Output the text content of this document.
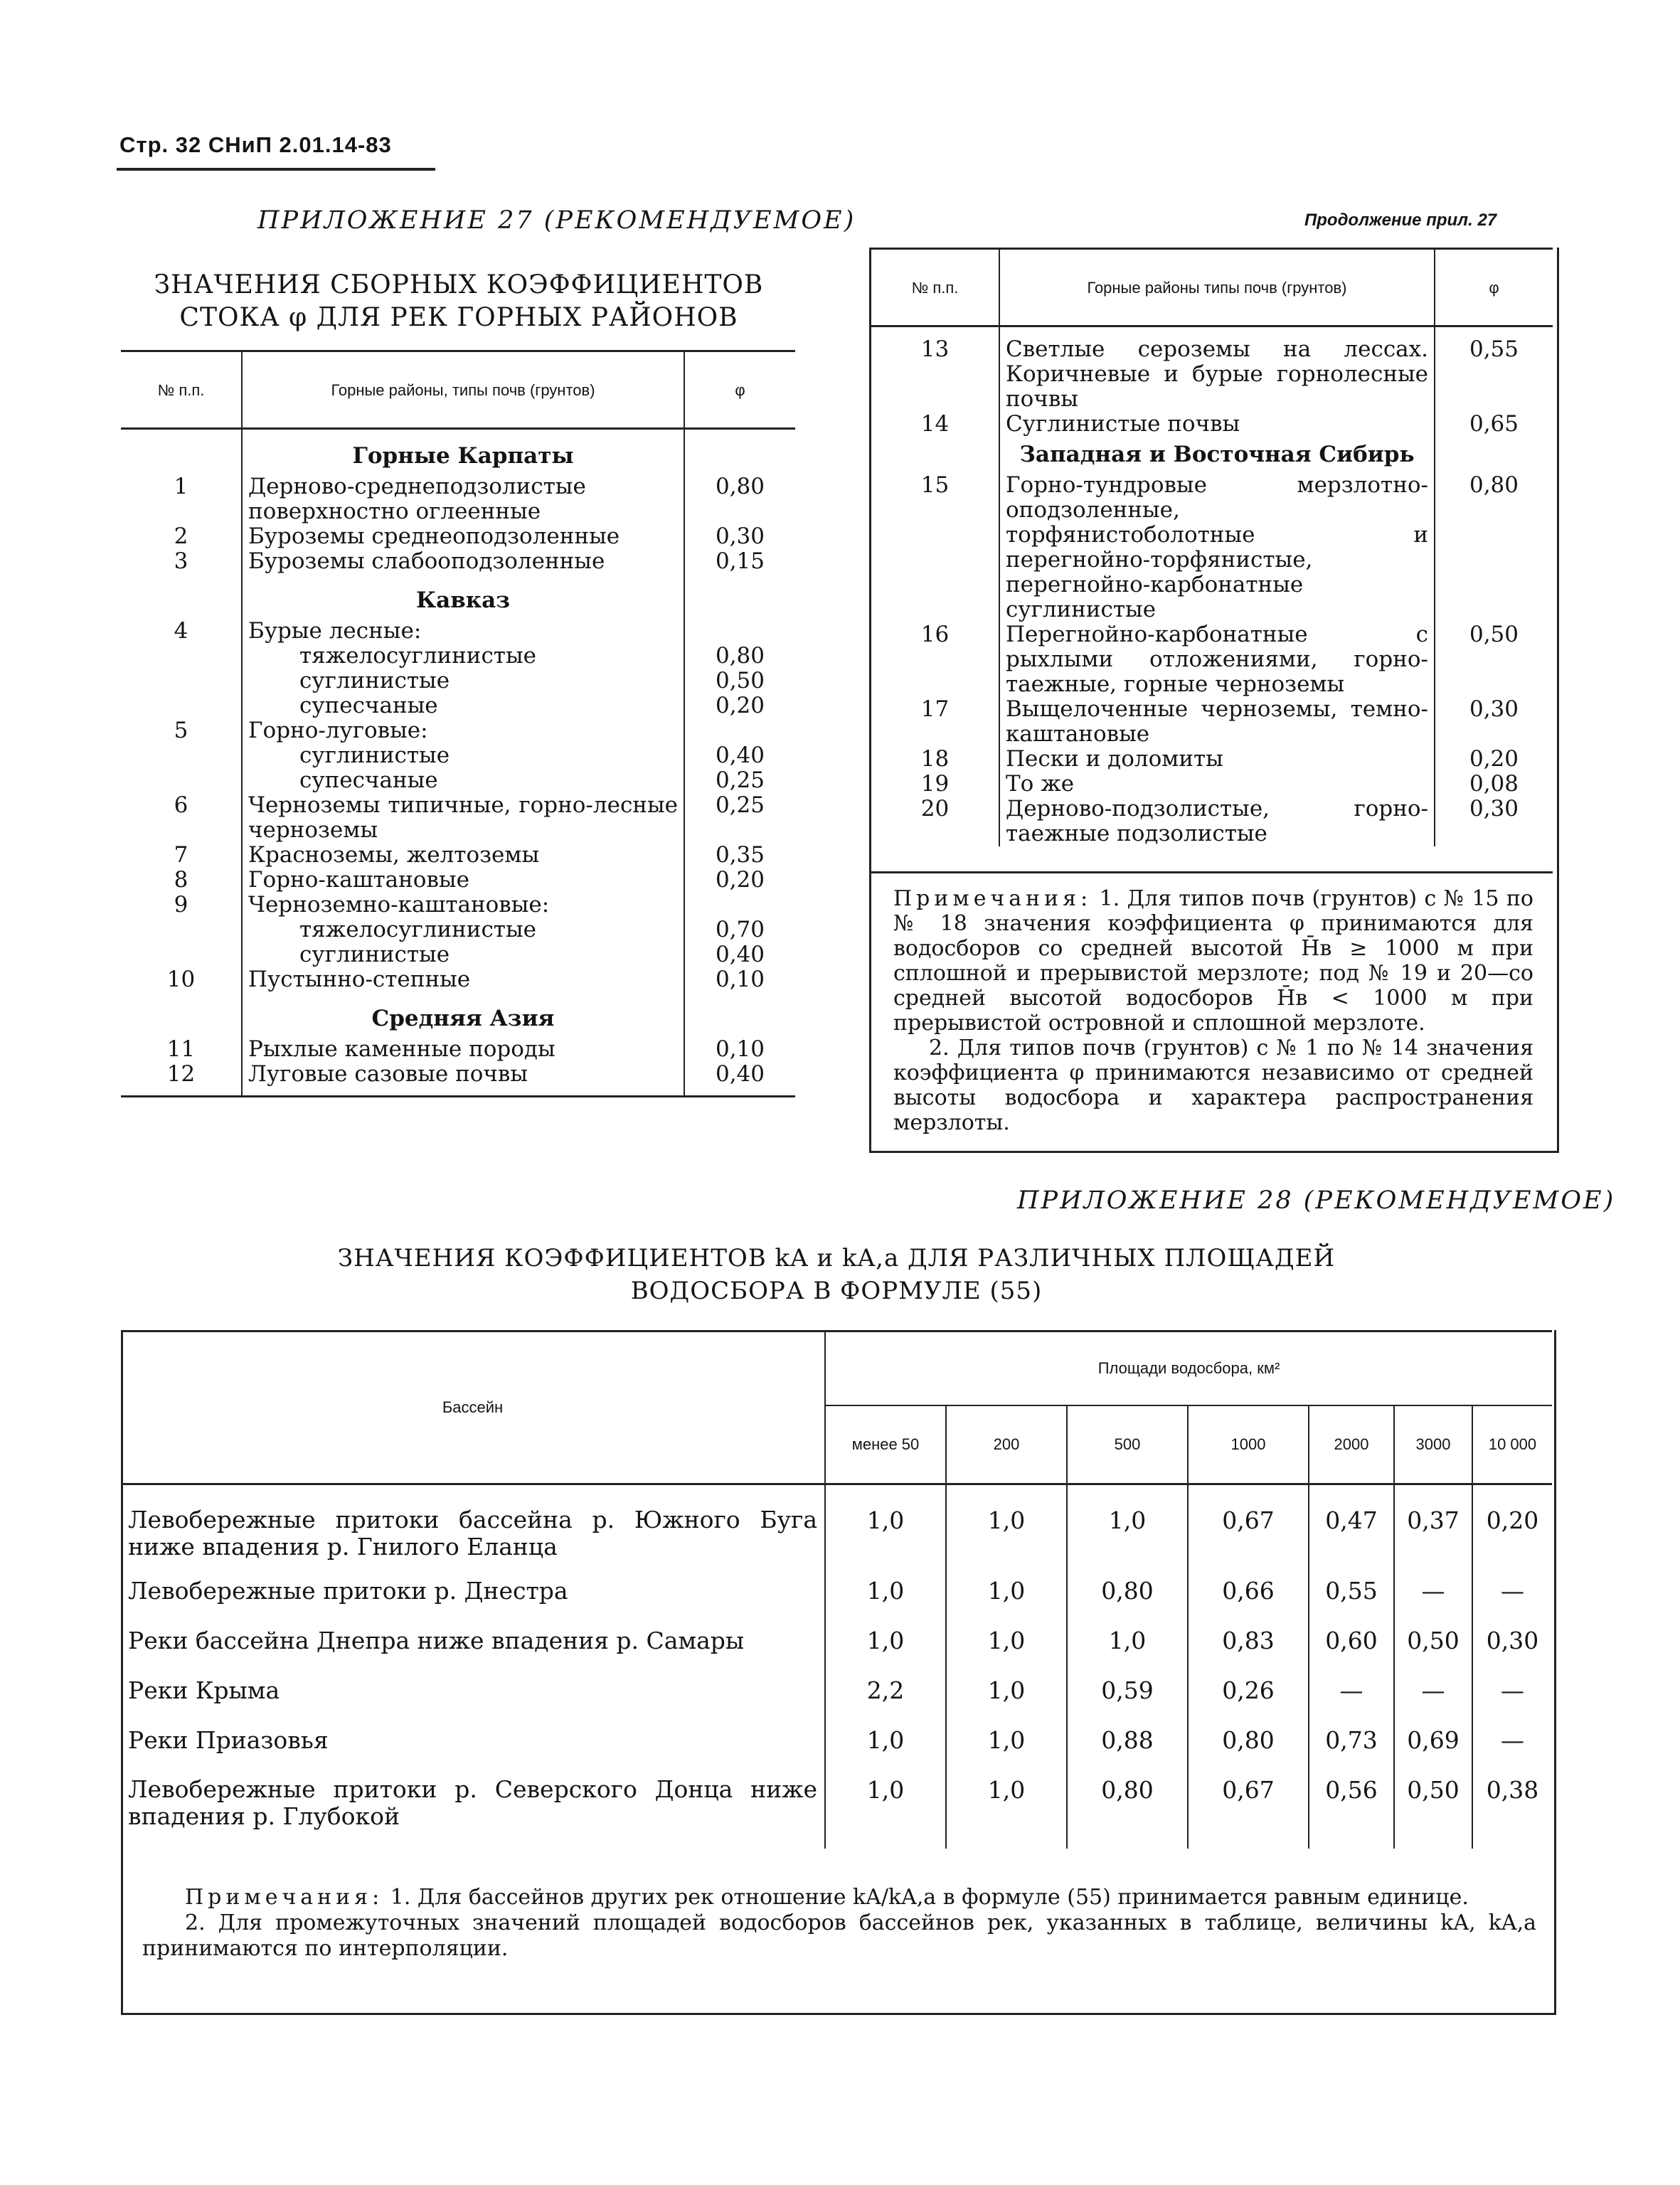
Стр. 32 СНиП 2.01.14-83
ПРИЛОЖЕНИЕ 27 (РЕКОМЕНДУЕМОЕ)	Продолжение прил. 27
ЗНАЧЕНИЯ СБОРНЫХ КОЭФФИЦИЕНТОВ
СТОКА φ ДЛЯ РЕК ГОРНЫХ РАЙОНОВ
№ п.п.	Горные районы, типы почв (грунтов)	φ
	Горные Карпаты	
1	Дерново-среднеподзолистые поверхностно оглеенные	0,80
2	Буроземы среднеоподзоленные	0,30
3	Буроземы слабооподзоленные	0,15
	Кавказ	
4	Бурые лесные:	
	тяжелосуглинистые	0,80
	суглинистые	0,50
	супесчаные	0,20
5	Горно-луговые:	
	суглинистые	0,40
	супесчаные	0,25
6	Черноземы типичные, горно-лесные черноземы	0,25
7	Красноземы, желтоземы	0,35
8	Горно-каштановые	0,20
9	Черноземно-каштановые:	
	тяжелосуглинистые	0,70
	суглинистые	0,40
10	Пустынно-степные	0,10
	Средняя Азия	
11	Рыхлые каменные породы	0,10
12	Луговые сазовые почвы	0,40

№ п.п.	Горные районы типы почв (грунтов)	φ

13	Светлые сероземы на лессах. Коричневые и бурые горнолесные почвы	0,55
14	Суглинистые почвы	0,65
	Западная и Восточная Сибирь	
15	Горно-тундровые мерзлотно-оподзоленные, торфянистоболотные и перегнойно-торфянистые, перегнойно-карбонатные суглинистые	0,80
16	Перегнойно-карбонатные с рыхлыми отложениями, горно-таежные, горные черноземы	0,50
17	Выщелоченные черноземы, темно-каштановые	0,30
18	Пески и доломиты	0,20
19	То же	0,08
20	Дерново-подзолистые, горно-таежные подзолистые	0,30
Примечания: 1. Для типов почв (грунтов) с № 15 по № 18 значения коэффициента φ принимаются для водосборов со средней высотой H̄в ≥ 1000 м при сплошной и прерывистой мерзлоте; под № 19 и 20—со средней высотой водосборов H̄в < 1000 м при прерывистой островной и сплошной мерзлоте.
2. Для типов почв (грунтов) с № 1 по № 14 значения коэффициента φ принимаются независимо от средней высоты водосбора и характера распространения мерзлоты.
ПРИЛОЖЕНИЕ 28 (РЕКОМЕНДУЕМОЕ)
ЗНАЧЕНИЯ КОЭФФИЦИЕНТОВ kA и kA,a ДЛЯ РАЗЛИЧНЫХ ПЛОЩАДЕЙ
ВОДОСБОРА В ФОРМУЛЕ (55)
Бассейн	Площади водосбора, км²						
	менее 50	200	500	1000	2000	3000	10 000
Левобережные притоки бассейна р. Южного Буга ниже впадения р. Гнилого Еланца	1,0	1,0	1,0	0,67	0,47	0,37	0,20
Левобережные притоки р. Днестра	1,0	1,0	0,80	0,66	0,55	—	—
Реки бассейна Днепра ниже впадения р. Самары	1,0	1,0	1,0	0,83	0,60	0,50	0,30
Реки Крыма	2,2	1,0	0,59	0,26	—	—	—
Реки Приазовья	1,0	1,0	0,88	0,80	0,73	0,69	—
Левобережные притоки р. Северского Донца ниже впадения р. Глубокой	1,0	1,0	0,80	0,67	0,56	0,50	0,38
Примечания: 1. Для бассейнов других рек отношение kA/kA,a в формуле (55) принимается равным единице.
2. Для промежуточных значений площадей водосборов бассейнов рек, указанных в таблице, величины kA, kA,a принимаются по интерполяции.
